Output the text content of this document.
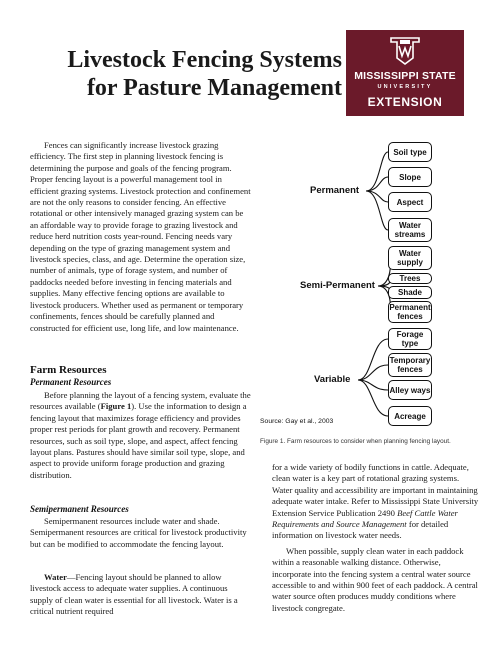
Livestock Fencing Systems
for Pasture Management	MISSISSIPPI STATE
UNIVERSITY
EXTENSION

Fences can significantly increase livestock grazing efficiency. The first step in planning livestock fencing is determining the purpose and goals of the fencing program. Proper fencing layout is a powerful management tool in efficient grazing systems. Livestock protection and confinement are not the only reasons to consider fencing. An effective rotational or other intensively managed grazing system can be an affordable way to provide forage to grazing livestock and reduce herd nutrition costs year-round. Fencing needs vary depending on the type of grazing management system and livestock species, class, and age. Determine the operation size, number of animals, type of forage system, and number of paddocks needed before investing in fencing materials and supplies. Many effective fencing options are available to livestock producers. Whether used as permanent or temporary confinements, fences should be carefully planned and constructed for efficient use, long life, and low maintenance.

Farm Resources
Permanent Resources

Before planning the layout of a fencing system, evaluate the resources available (Figure 1). Use the information to design a fencing layout that maximizes forage efficiency and provides proper rest periods for plant growth and recovery. Permanent resources, such as soil type, slope, and aspect, affect fencing layout plans. Pastures should have similar soil type, slope, and aspect to provide uniform forage production and grazing distribution.

Semipermanent Resources

Semipermanent resources include water and shade. Semipermanent resources are critical for livestock productivity but can be modified to accommodate the fencing layout.

Water—Fencing layout should be planned to allow livestock access to adequate water supplies. A continuous supply of clean water is essential for all livestock. Water is a critical nutrient required

for a wide variety of bodily functions in cattle. Adequate, clean water is a key part of rotational grazing systems. Water quality and accessibility are important in maintaining adequate water intake. Refer to Mississippi State University Extension Service Publication 2490 Beef Cattle Water Requirements and Source Management for detailed information on livestock water needs.

When possible, supply clean water in each paddock within a reasonable walking distance. Otherwise, incorporate into the fencing system a central water source accessible to and within 900 feet of each paddock. A central water source often produces muddy conditions where livestock congregate.

Permanent
Semi-Permanent
Variable
Soil type
Slope
Aspect
Water streams
Water supply
Trees
Shade
Permanent fences
Forage type
Temporary fences
Alley ways
Acreage
Source: Gay et al., 2003
Figure 1. Farm resources to consider when planning fencing layout.
